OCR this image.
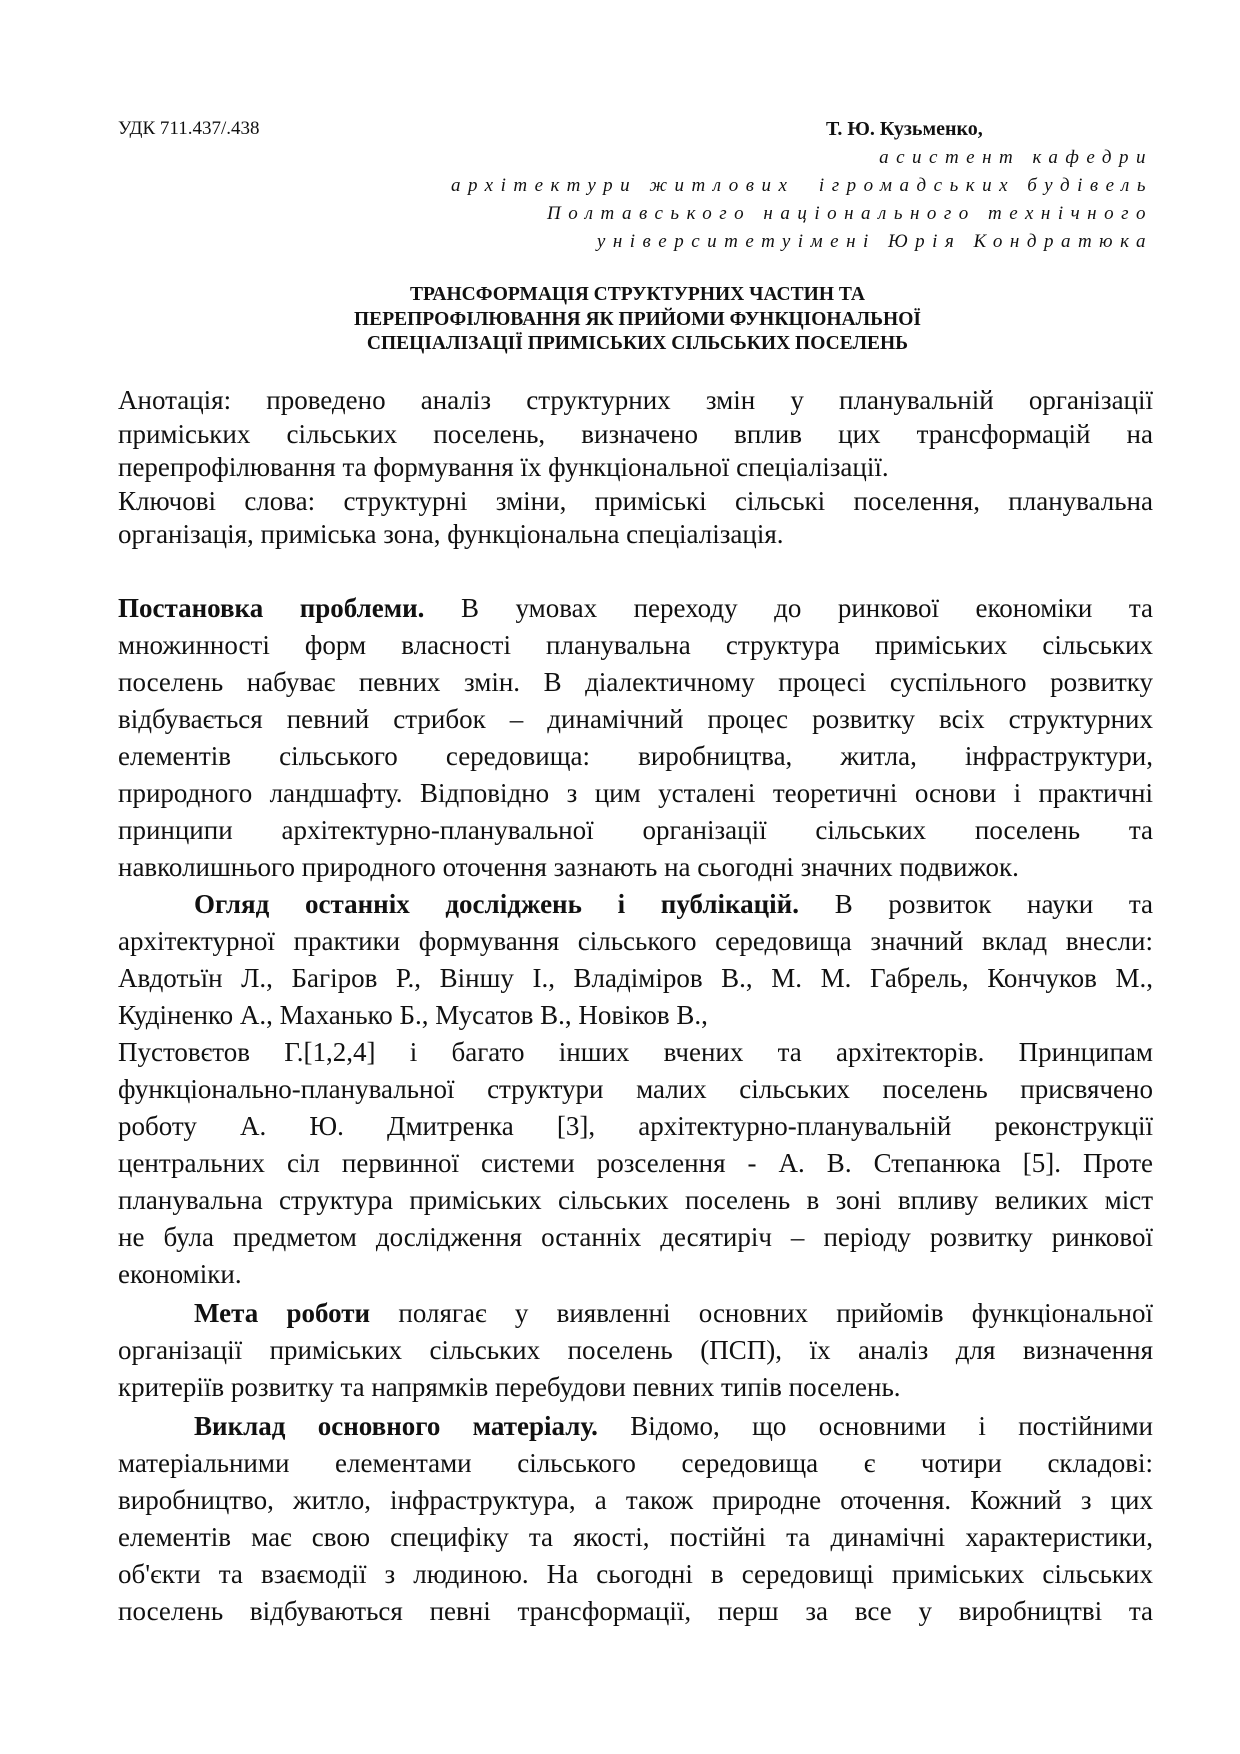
УДК 711.437/.438	Т. Ю. Кузьменко,
асистент кафедри
архітектури житлових  ігромадських будівель
Полтавського національного технічного
університетуімені Юрія Кондратюка
ТРАНСФОРМАЦІЯ СТРУКТУРНИХ ЧАСТИН ТА
ПЕРЕПРОФІЛЮВАННЯ ЯК ПРИЙОМИ ФУНКЦІОНАЛЬНОЇ
СПЕЦІАЛІЗАЦІЇ ПРИМІСЬКИХ СІЛЬСЬКИХ ПОСЕЛЕНЬ
Анотація: проведено аналіз структурних змін у планувальній організації
приміських сільських поселень, визначено вплив цих трансформацій на
перепрофілювання та формування їх функціональної спеціалізації.
Ключові слова: структурні зміни, приміські сільські поселення, планувальна
організація, приміська зона, функціональна спеціалізація.
Постановка проблеми. В умовах переходу до ринкової економіки та
множинності форм власності планувальна структура приміських сільських
поселень набуває певних змін. В діалектичному процесі суспільного розвитку
відбувається певний стрибок – динамічний процес розвитку всіх структурних
елементів сільського середовища: виробництва, житла, інфраструктури,
природного ландшафту. Відповідно з цим усталені теоретичні основи і практичні
принципи архітектурно-планувальної організації сільських поселень та
навколишнього природного оточення зазнають на сьогодні значних подвижок.
Огляд останніх досліджень і публікацій. В розвиток науки та
архітектурної практики формування сільського середовища значний вклад внесли:
Авдотьїн Л., Багіров Р., Віншу І., Владіміров В., М. М. Габрель, Кончуков М.,
Кудіненко А., Маханько Б., Мусатов В., Новіков В.,
Пустовєтов Г.[1,2,4] і багато інших вчених та архітекторів. Принципам
функціонально-планувальної структури малих сільських поселень присвячено
роботу А. Ю. Дмитренка [3], архітектурно-планувальній реконструкції
центральних сіл первинної системи розселення - А. В. Степанюка [5]. Проте
планувальна структура приміських сільських поселень в зоні впливу великих міст
не була предметом дослідження останніх десятиріч – періоду розвитку ринкової
економіки.
Мета роботи полягає у виявленні основних прийомів функціональної
організації приміських сільських поселень (ПСП), їх аналіз для визначення
критеріїв розвитку та напрямків перебудови певних типів поселень.
Виклад основного матеріалу. Відомо, що основними і постійними
матеріальними елементами сільського середовища є чотири складові:
виробництво, житло, інфраструктура, а також природне оточення. Кожний з цих
елементів має свою специфіку та якості, постійні та динамічні характеристики,
об'єкти та взаємодії з людиною. На сьогодні в середовищі приміських сільських
поселень відбуваються певні трансформації, перш за все у виробництві та
